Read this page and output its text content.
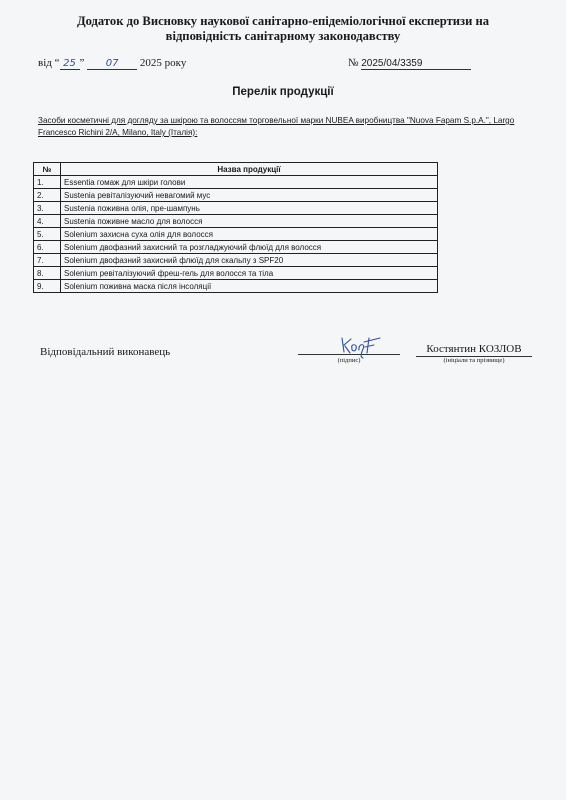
Додаток до Висновку наукової санітарно-епідеміологічної експертизи на
відповідність санітарному законодавству
від “ 25 ” 07 2025 року	№ 2025/04/3359
Перелік продукції
Засоби косметичні для догляду за шкірою та волоссям торговельної марки NUBEA виробництва "Nuova Fapam S.p.A.", Largo Francesco Richini 2/A, Milano, Italy (Італія):
№	Назва продукції
1.	Essentia гомаж для шкіри голови
2.	Sustenia ревіталізуючий невагомий мус
3.	Sustenia поживна олія, пре-шампунь
4.	Sustenia поживне масло для волосся
5.	Solenium захисна суха олія для волосся
6.	Solenium двофазний захисний та розгладжуючий флюїд для волосся
7.	Solenium двофазний захисний флюїд для скальпу з SPF20
8.	Solenium ревіталізуючий фреш-гель для волосся та тіла
9.	Solenium поживна маска після інсоляції
Відповідальний виконавець
(підпис)
Костянтин КОЗЛОВ
(ініціали та прізвище)
